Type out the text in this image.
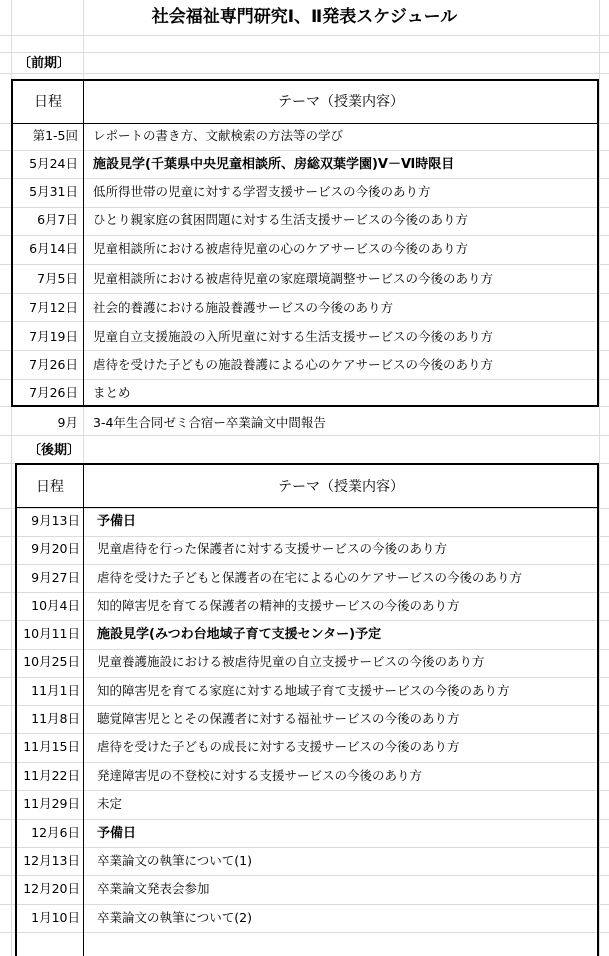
社会福祉専門研究Ⅰ、Ⅱ発表スケジュール
〔前期〕
日程	テーマ（授業内容）
第1-5回 レポートの書き方、文献検索の方法等の学び
5月24日 施設見学(千葉県中央児童相談所、房総双葉学園)Ⅴ－Ⅵ時限目
5月31日 低所得世帯の児童に対する学習支援サービスの今後のあり方
6月7日 ひとり親家庭の貧困問題に対する生活支援サービスの今後のあり方
6月14日 児童相談所における被虐待児童の心のケアサービスの今後のあり方
7月5日 児童相談所における被虐待児童の家庭環境調整サービスの今後のあり方
7月12日 社会的養護における施設養護サービスの今後のあり方
7月19日 児童自立支援施設の入所児童に対する生活支援サービスの今後のあり方
7月26日 虐待を受けた子どもの施設養護による心のケアサービスの今後のあり方
7月26日 まとめ
9月 3-4年生合同ゼミ合宿ー卒業論文中間報告
〔後期〕
日程	テーマ（授業内容）
9月13日 予備日
9月20日 児童虐待を行った保護者に対する支援サービスの今後のあり方
9月27日 虐待を受けた子どもと保護者の在宅による心のケアサービスの今後のあり方
10月4日 知的障害児を育てる保護者の精神的支援サービスの今後のあり方
10月11日 施設見学(みつわ台地域子育て支援センター)予定
10月25日 児童養護施設における被虐待児童の自立支援サービスの今後のあり方
11月1日 知的障害児を育てる家庭に対する地域子育て支援サービスの今後のあり方
11月8日 聴覚障害児ととその保護者に対する福祉サービスの今後のあり方
11月15日 虐待を受けた子どもの成長に対する支援サービスの今後のあり方
11月22日 発達障害児の不登校に対する支援サービスの今後のあり方
11月29日 未定
12月6日 予備日
12月13日 卒業論文の執筆について(1)
12月20日 卒業論文発表会参加
1月10日 卒業論文の執筆について(2)
